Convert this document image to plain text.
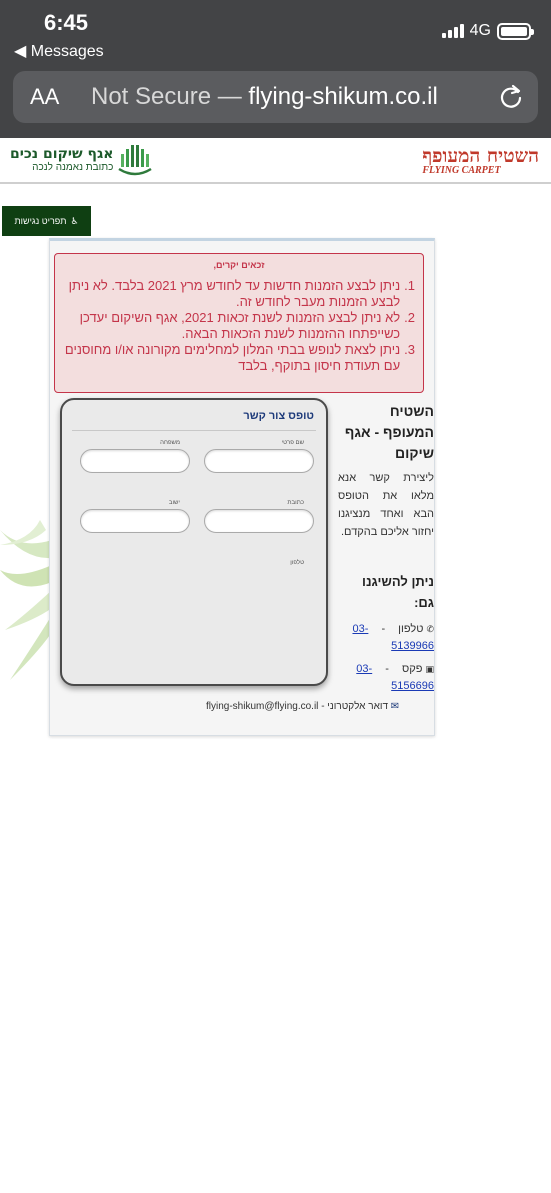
6:45
◀ Messages
4G
AA Not Secure — flying-shikum.co.il
אגף שיקום נכים
כתובת נאמנה לנכה	השטיח המעופף
FLYING CARPET
♿
תפריט נגישות
זכאים יקרים,
1.
ניתן לבצע הזמנות חדשות עד לחודש מרץ 2021 בלבד. לא ניתן לבצע הזמנות מעבר לחודש זה.
2.
לא ניתן לבצע הזמנות לשנת זכאות 2021, אגף השיקום יעדכן כשייפתחו ההזמנות לשנת הזכאות הבאה.
3.
ניתן לצאת לנופש בבתי המלון למחלימים מקורונה או/ו מחוסנים עם תעודת חיסון בתוקף, בלבד
השטיח המעופף - אגף שיקום
ליצירת קשר אנא מלאו את הטופס הבא ואחד מנציגנו יחזור אליכם בהקדם.
ניתן להשיגנו גם:
✆ טלפון - 03-5139966
▣ פקס - 03-5156696
✉ דואר אלקטרוני - flying-shikum@flying.co.il
טופס צור קשר
שם פרטי
משפחה
כתובת
ישוב
טלפון
